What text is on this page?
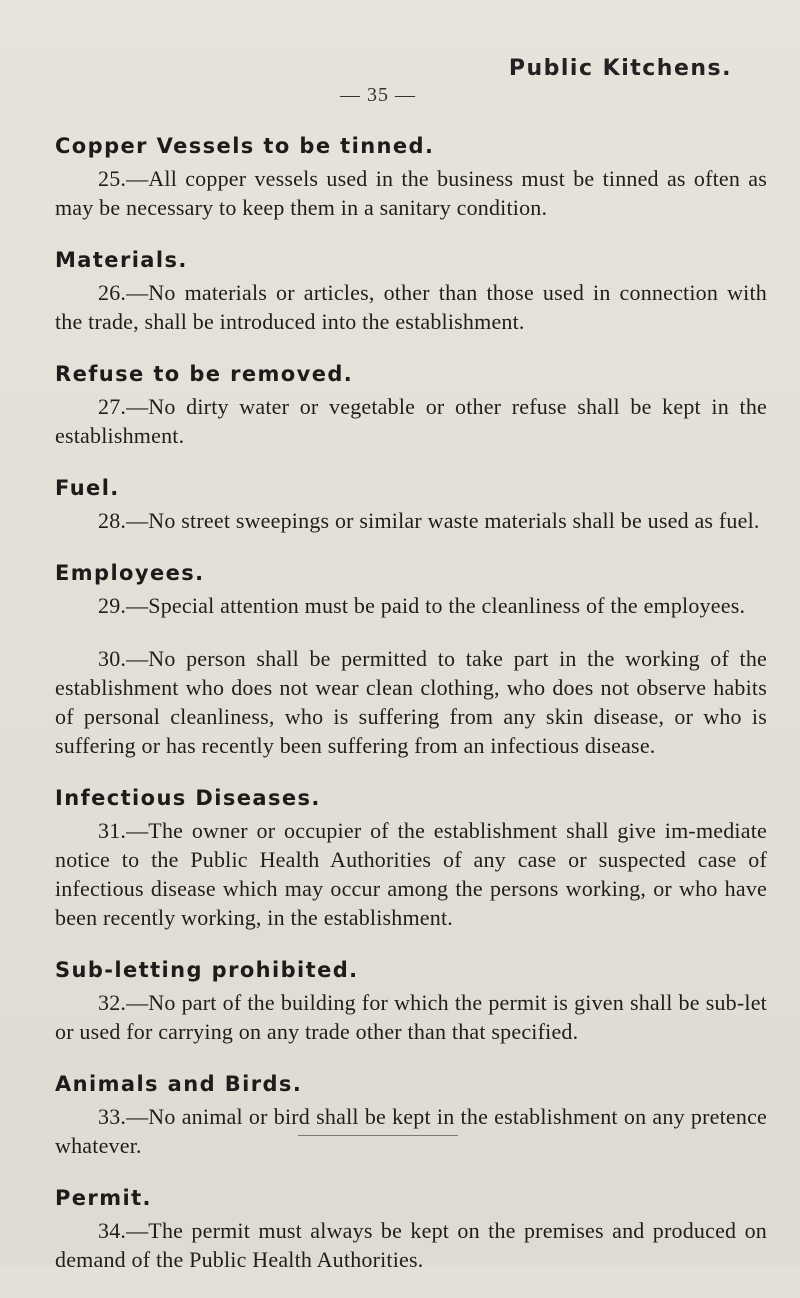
Public Kitchens.
— 35 —
Copper Vessels to be tinned.

25.—All copper vessels used in the business must be tinned as often as may be necessary to keep them in a sanitary condition.

Materials.

26.—No materials or articles, other than those used in connection with the trade, shall be introduced into the establishment.

Refuse to be removed.

27.—No dirty water or vegetable or other refuse shall be kept in the establishment.

Fuel.

28.—No street sweepings or similar waste materials shall be used as fuel.

Employees.

29.—Special attention must be paid to the cleanliness of the employees.

30.—No person shall be permitted to take part in the working of the establishment who does not wear clean clothing, who does not observe habits of personal cleanliness, who is suffering from any skin disease, or who is suffering or has recently been suffering from an infectious disease.

Infectious Diseases.

31.—The owner or occupier of the establishment shall give im-mediate notice to the Public Health Authorities of any case or suspected case of infectious disease which may occur among the persons working, or who have been recently working, in the establishment.

Sub-letting prohibited.

32.—No part of the building for which the permit is given shall be sub-let or used for carrying on any trade other than that specified.

Animals and Birds.

33.—No animal or bird shall be kept in the establishment on any pretence whatever.

Permit.

34.—The permit must always be kept on the premises and produced on demand of the Public Health Authorities.
